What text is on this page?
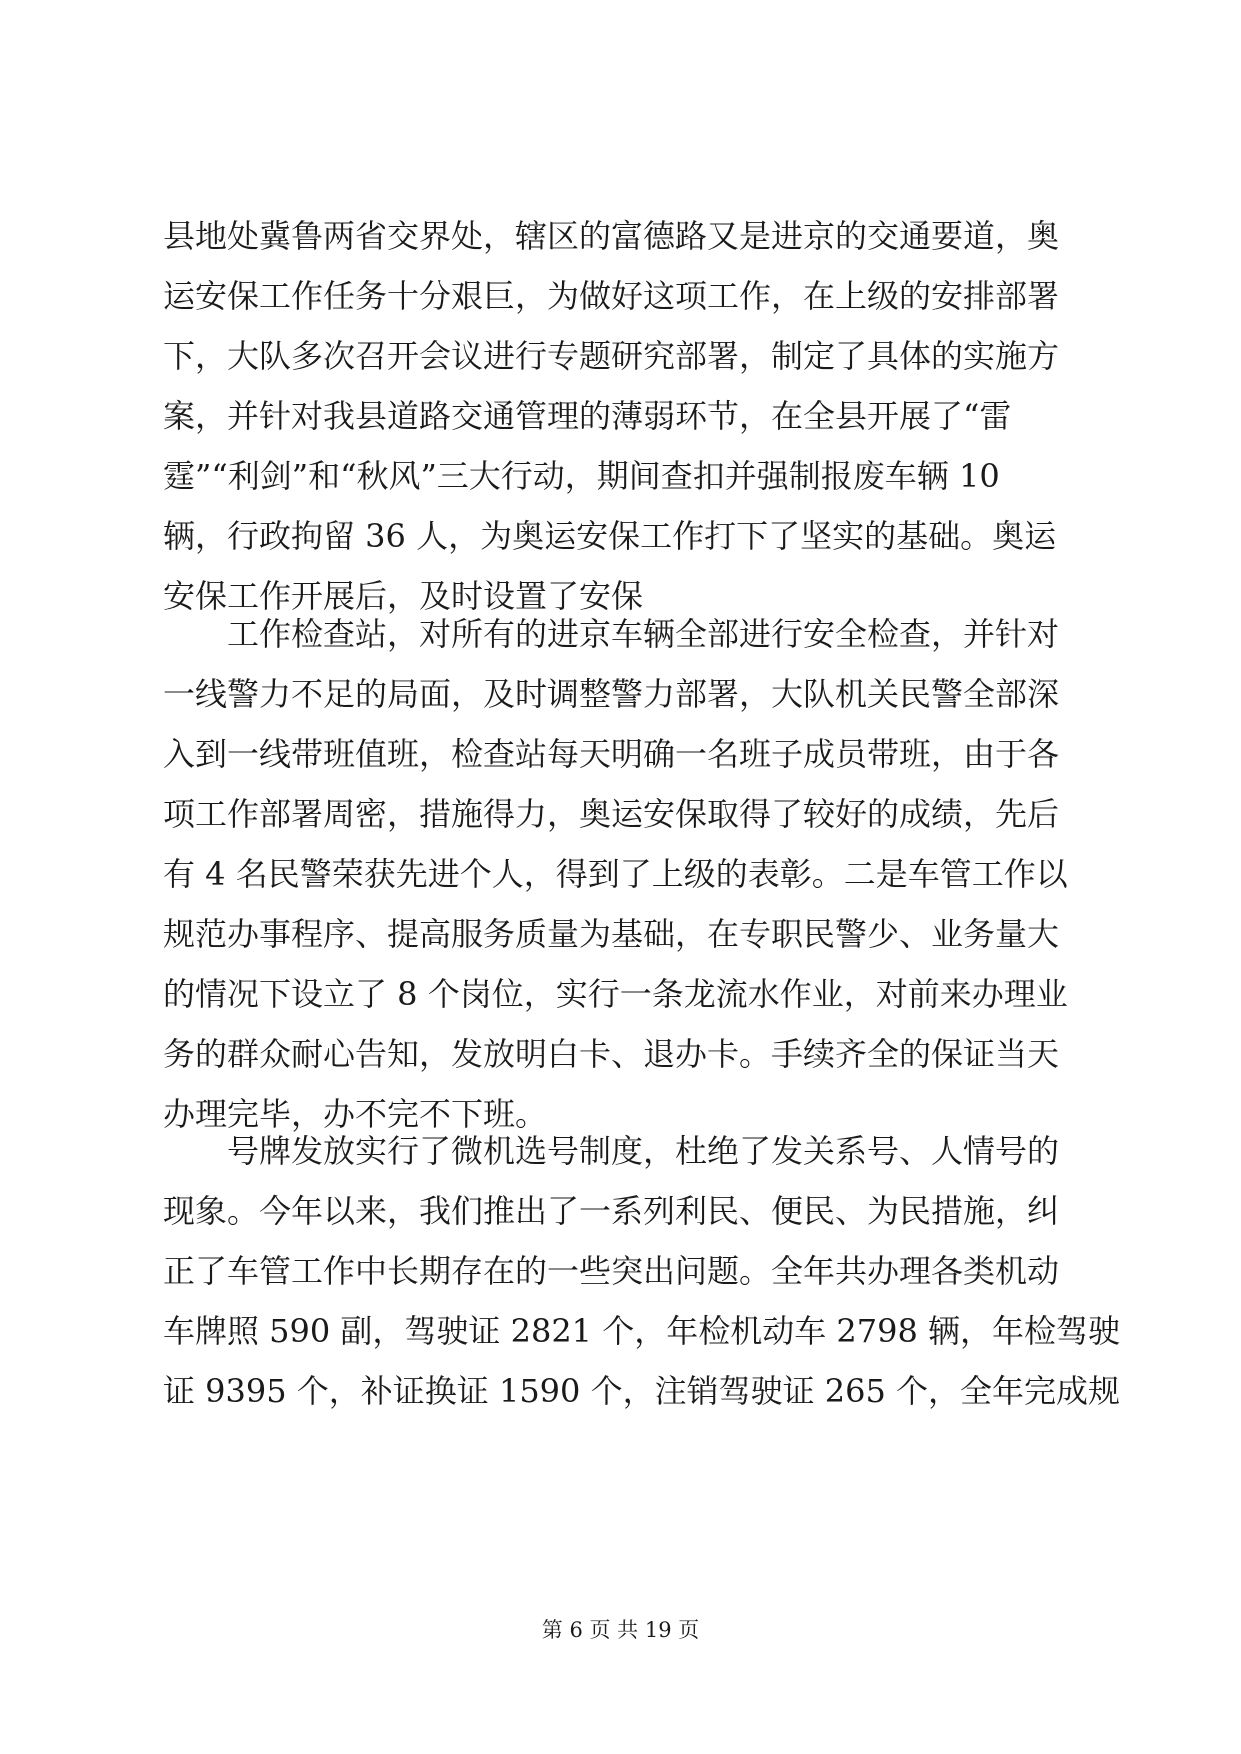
县地处冀鲁两省交界处，辖区的富德路又是进京的交通要道，奥
运安保工作任务十分艰巨，为做好这项工作，在上级的安排部署
下，大队多次召开会议进行专题研究部署，制定了具体的实施方
案，并针对我县道路交通管理的薄弱环节，在全县开展了“雷
霆”“利剑”和“秋风”三大行动，期间查扣并强制报废车辆 10
辆，行政拘留 36 人，为奥运安保工作打下了坚实的基础。奥运
安保工作开展后，及时设置了安保
　　工作检查站，对所有的进京车辆全部进行安全检查，并针对
一线警力不足的局面，及时调整警力部署，大队机关民警全部深
入到一线带班值班，检查站每天明确一名班子成员带班，由于各
项工作部署周密，措施得力，奥运安保取得了较好的成绩，先后
有 4 名民警荣获先进个人，得到了上级的表彰。二是车管工作以
规范办事程序、提高服务质量为基础，在专职民警少、业务量大
的情况下设立了 8 个岗位，实行一条龙流水作业，对前来办理业
务的群众耐心告知，发放明白卡、退办卡。手续齐全的保证当天
办理完毕，办不完不下班。
　　号牌发放实行了微机选号制度，杜绝了发关系号、人情号的
现象。今年以来，我们推出了一系列利民、便民、为民措施，纠
正了车管工作中长期存在的一些突出问题。全年共办理各类机动
车牌照 590 副，驾驶证 2821 个，年检机动车 2798 辆，年检驾驶
证 9395 个，补证换证 1590 个，注销驾驶证 265 个，全年完成规
第 6 页 共 19 页
